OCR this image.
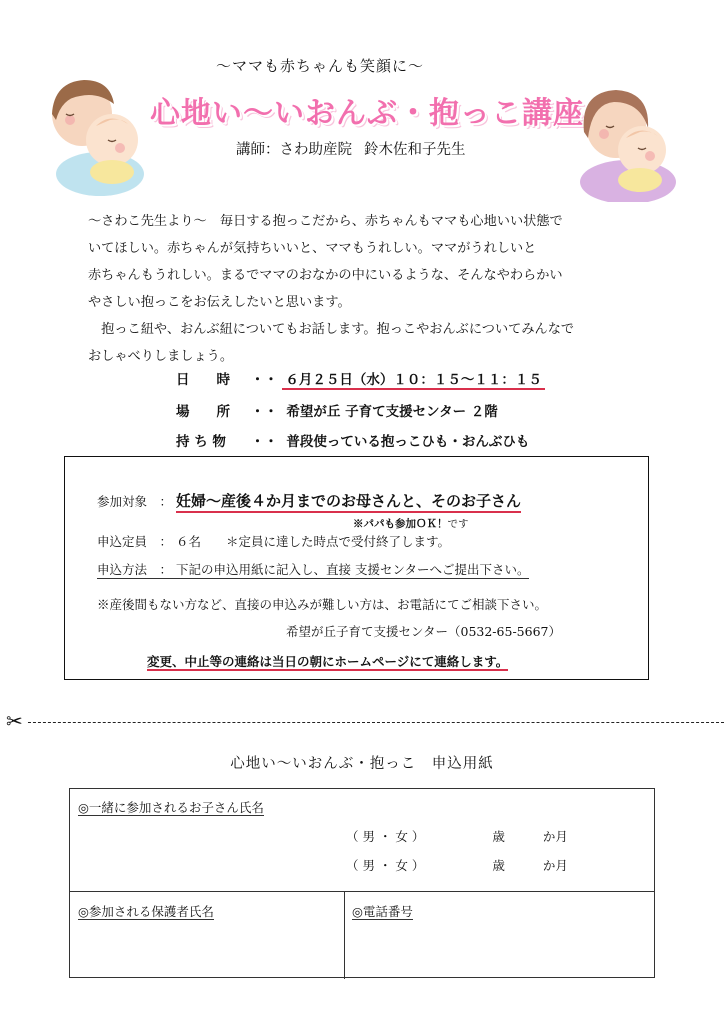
～ママも赤ちゃんも笑顔に～
心地い～いおんぶ・抱っこ講座
講師：さわ助産院 鈴木佐和子先生

～さわこ先生より～　毎日する抱っこだから、赤ちゃんもママも心地いい状態で

いてほしい。赤ちゃんが気持ちいいと、ママもうれしい。ママがうれしいと

赤ちゃんもうれしい。まるでママのおなかの中にいるような、そんなやわらかい

やさしい抱っこをお伝えしたいと思います。

　抱っこ紐や、おんぶ紐についてもお話します。抱っこやおんぶについてみんなで

おしゃべりしましょう。

日　　時 ・・ ６月２５日（水）１０：１５～１１：１５
場　　所 ・・ 希望が丘 子育て支援センター ２階
持 ち 物 ・・ 普段使っている抱っこひも・おんぶひも
参加対象　： 妊婦～産後４か月までのお母さんと、そのお子さん
※パパも参加ＯＫ！です
申込定員　： ６名　　＊定員に達した時点で受付終了します。
申込方法　： 下記の申込用紙に記入し、直接 支援センターへご提出下さい。
※産後間もない方など、直接の申込みが難しい方は、お電話にてご相談下さい。
希望が丘子育て支援センター（0532-65-5667）
変更、中止等の連絡は当日の朝にホームページにて連絡します。
✂
心地い～いおんぶ・抱っこ　申込用紙
◎一緒に参加されるお子さん氏名
（ 男 ・ 女 ）	歳	か月
（ 男 ・ 女 ）	歳	か月
◎参加される保護者氏名	◎電話番号
